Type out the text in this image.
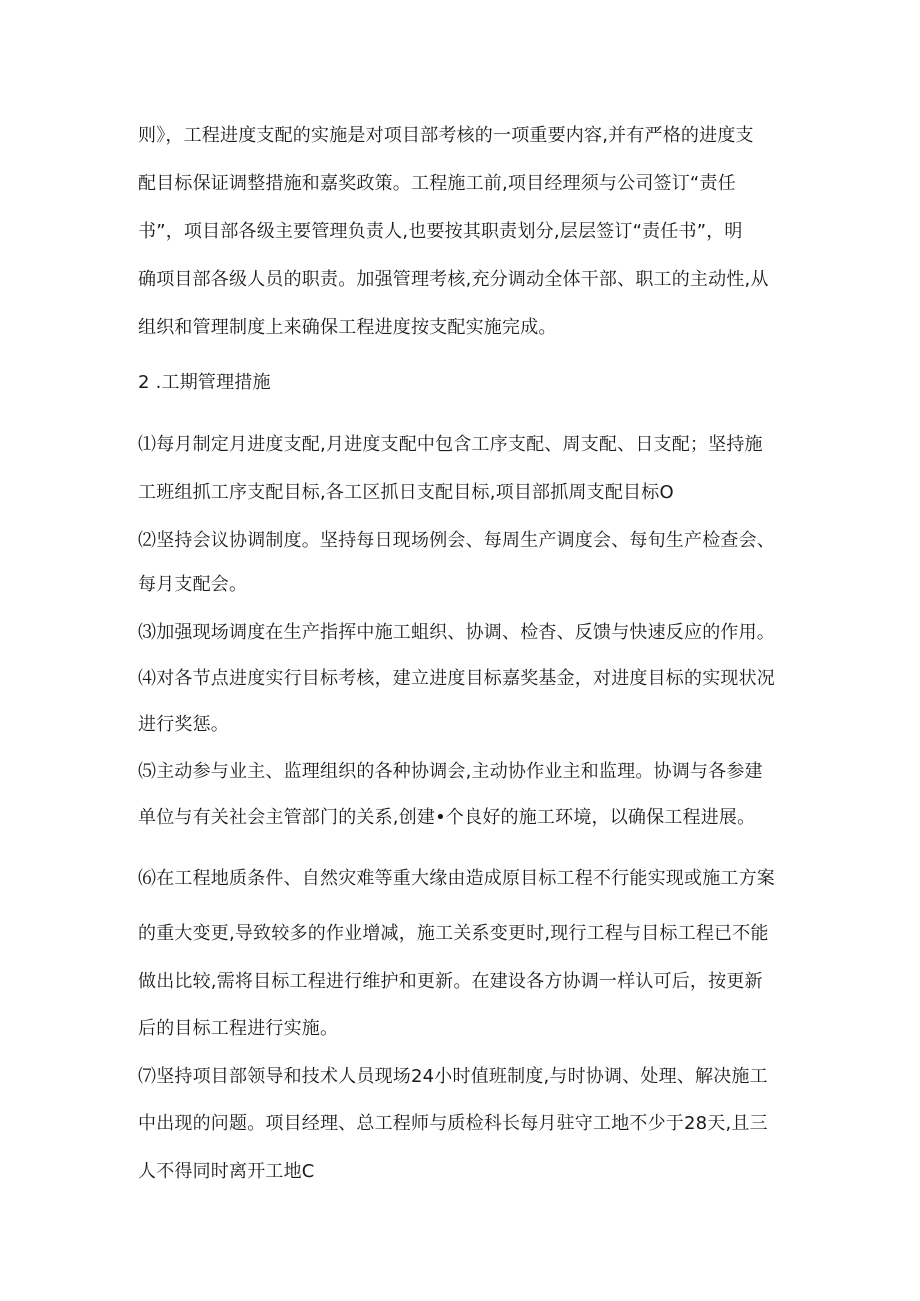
则》，工程进度支配的实施是对项目部考核的一项重要内容,并有严格的进度支
配目标保证调整措施和嘉奖政策。工程施工前,项目经理须与公司签订“责任
书”，项目部各级主要管理负责人,也要按其职责划分,层层签订“责任书”，明
确项目部各级人员的职责。加强管理考核,充分调动全体干部、职工的主动性,从
组织和管理制度上来确保工程进度按支配实施完成。
2 .工期管理措施
⑴每月制定月进度支配,月进度支配中包含工序支配、周支配、日支配；坚持施
工班组抓工序支配目标,各工区抓日支配目标,项目部抓周支配目标O
⑵坚持会议协调制度。坚持每日现场例会、每周生产调度会、每旬生产检查会、
每月支配会。
⑶加强现场调度在生产指挥中施工蛆织、协调、检杳、反馈与快速反应的作用。
⑷对各节点进度实行目标考核，建立进度目标嘉奖基金，对进度目标的实现状况
进行奖惩。
⑸主动参与业主、监理组织的各种协调会,主动协作业主和监理。协调与各参建
单位与有关社会主管部门的关系,创建•个良好的施工环境，以确保工程进展。
⑹在工程地质条件、自然灾难等重大缘由造成原目标工程不行能实现或施工方案
的重大变更,导致较多的作业增减，施工关系变更时,现行工程与目标工程已不能
做出比较,需将目标工程进行维护和更新。在建设各方协调一样认可后，按更新
后的目标工程进行实施。
⑺坚持项目部领导和技术人员现场24小时值班制度,与时协调、处理、解决施工
中出现的问题。项目经理、总工程师与质检科长每月驻守工地不少于28天,且三
人不得同时离开工地C
